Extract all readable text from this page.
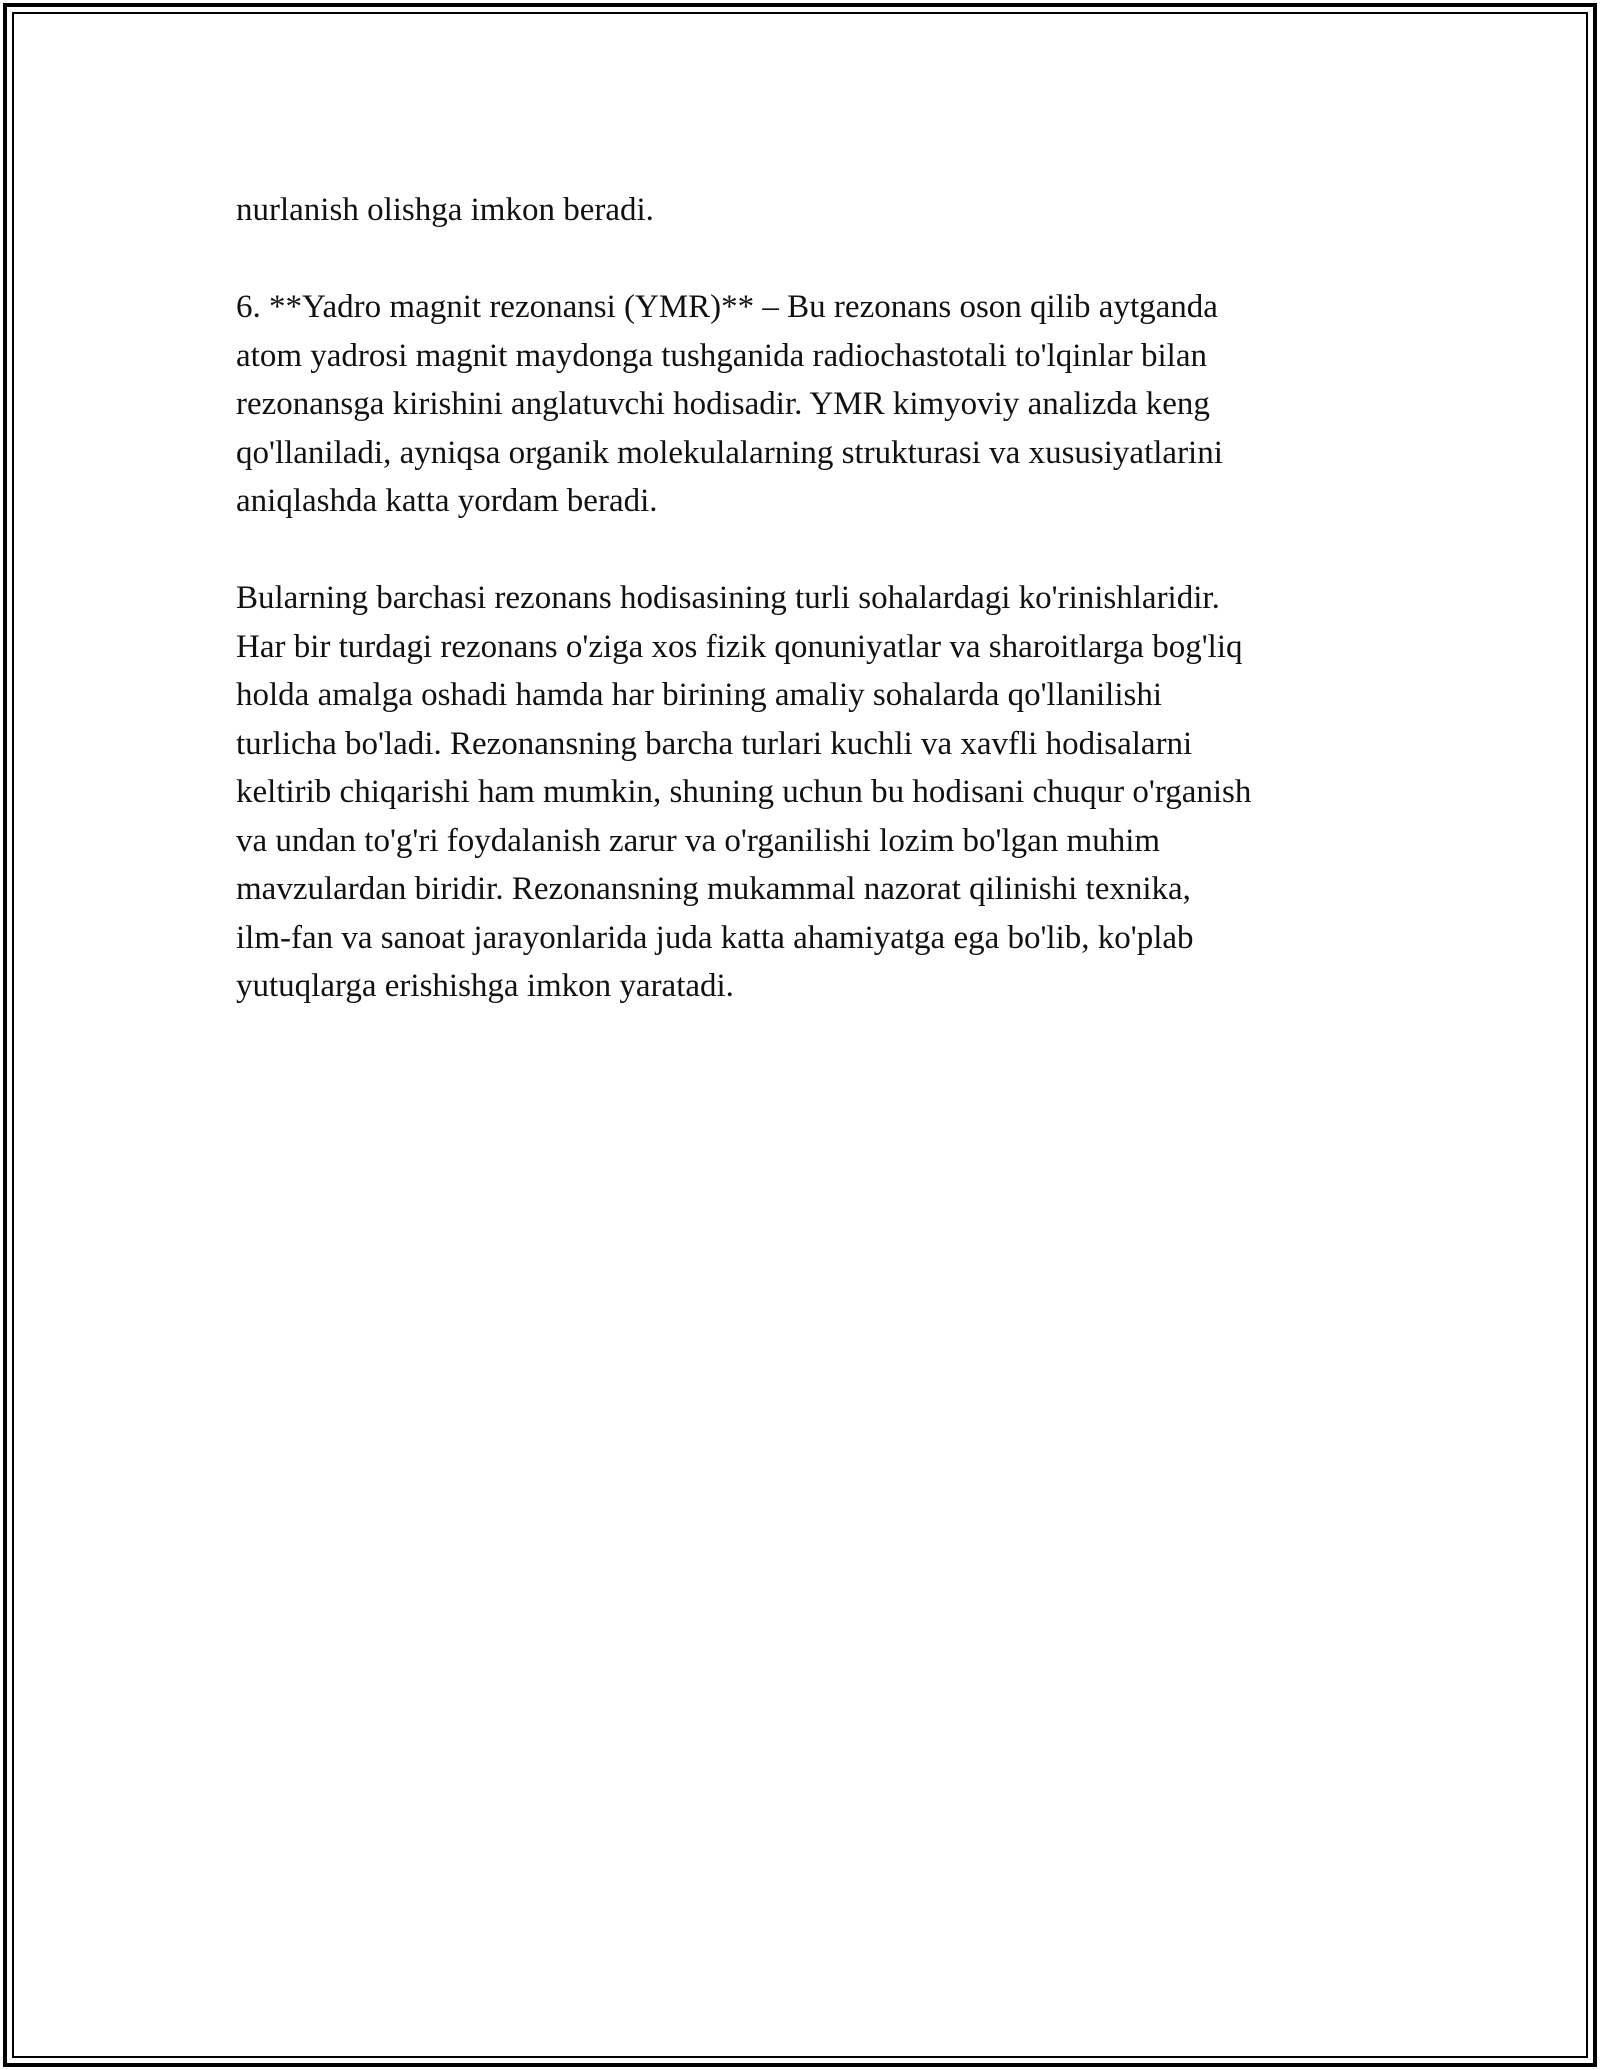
nurlanish olishga imkon beradi.
6. **Yadro magnit rezonansi (YMR)** – Bu rezonans oson qilib aytganda
atom yadrosi magnit maydonga tushganida radiochastotali to'lqinlar bilan
rezonansga kirishini anglatuvchi hodisadir. YMR kimyoviy analizda keng
qo'llaniladi, ayniqsa organik molekulalarning strukturasi va xususiyatlarini
aniqlashda katta yordam beradi.
Bularning barchasi rezonans hodisasining turli sohalardagi ko'rinishlaridir.
Har bir turdagi rezonans o'ziga xos fizik qonuniyatlar va sharoitlarga bog'liq
holda amalga oshadi hamda har birining amaliy sohalarda qo'llanilishi
turlicha bo'ladi. Rezonansning barcha turlari kuchli va xavfli hodisalarni
keltirib chiqarishi ham mumkin, shuning uchun bu hodisani chuqur o'rganish
va undan to'g'ri foydalanish zarur va o'rganilishi lozim bo'lgan muhim
mavzulardan biridir. Rezonansning mukammal nazorat qilinishi texnika,
ilm-fan va sanoat jarayonlarida juda katta ahamiyatga ega bo'lib, ko'plab
yutuqlarga erishishga imkon yaratadi.
